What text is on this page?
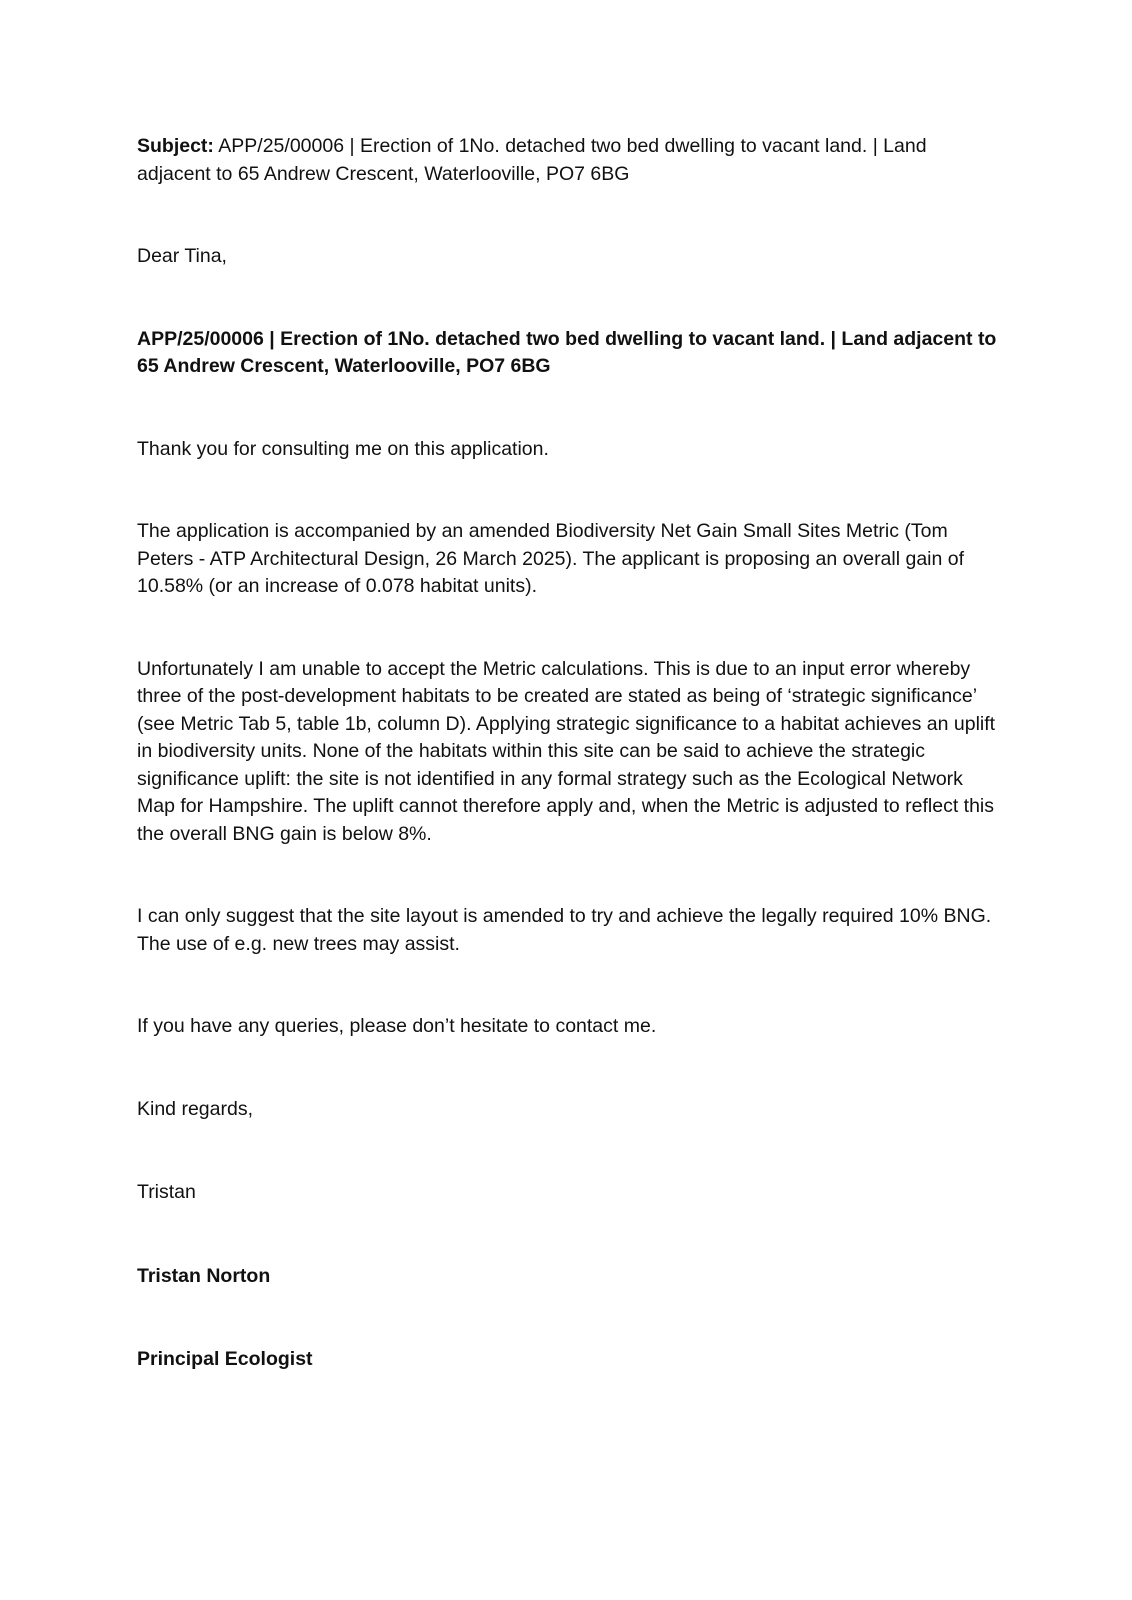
Subject: APP/25/00006 | Erection of 1No. detached two bed dwelling to vacant land. | Land adjacent to 65 Andrew Crescent, Waterlooville, PO7 6BG

Dear Tina,

APP/25/00006 | Erection of 1No. detached two bed dwelling to vacant land. | Land adjacent to 65 Andrew Crescent, Waterlooville, PO7 6BG

Thank you for consulting me on this application.

The application is accompanied by an amended Biodiversity Net Gain Small Sites Metric (Tom Peters - ATP Architectural Design, 26 March 2025). The applicant is proposing an overall gain of 10.58% (or an increase of 0.078 habitat units).

Unfortunately I am unable to accept the Metric calculations. This is due to an input error whereby three of the post-development habitats to be created are stated as being of ‘strategic significance’ (see Metric Tab 5, table 1b, column D). Applying strategic significance to a habitat achieves an uplift in biodiversity units. None of the habitats within this site can be said to achieve the strategic significance uplift: the site is not identified in any formal strategy such as the Ecological Network Map for Hampshire. The uplift cannot therefore apply and, when the Metric is adjusted to reflect this the overall BNG gain is below 8%.

I can only suggest that the site layout is amended to try and achieve the legally required 10% BNG. The use of e.g. new trees may assist.

If you have any queries, please don’t hesitate to contact me.

Kind regards,

Tristan

Tristan Norton

Principal Ecologist
